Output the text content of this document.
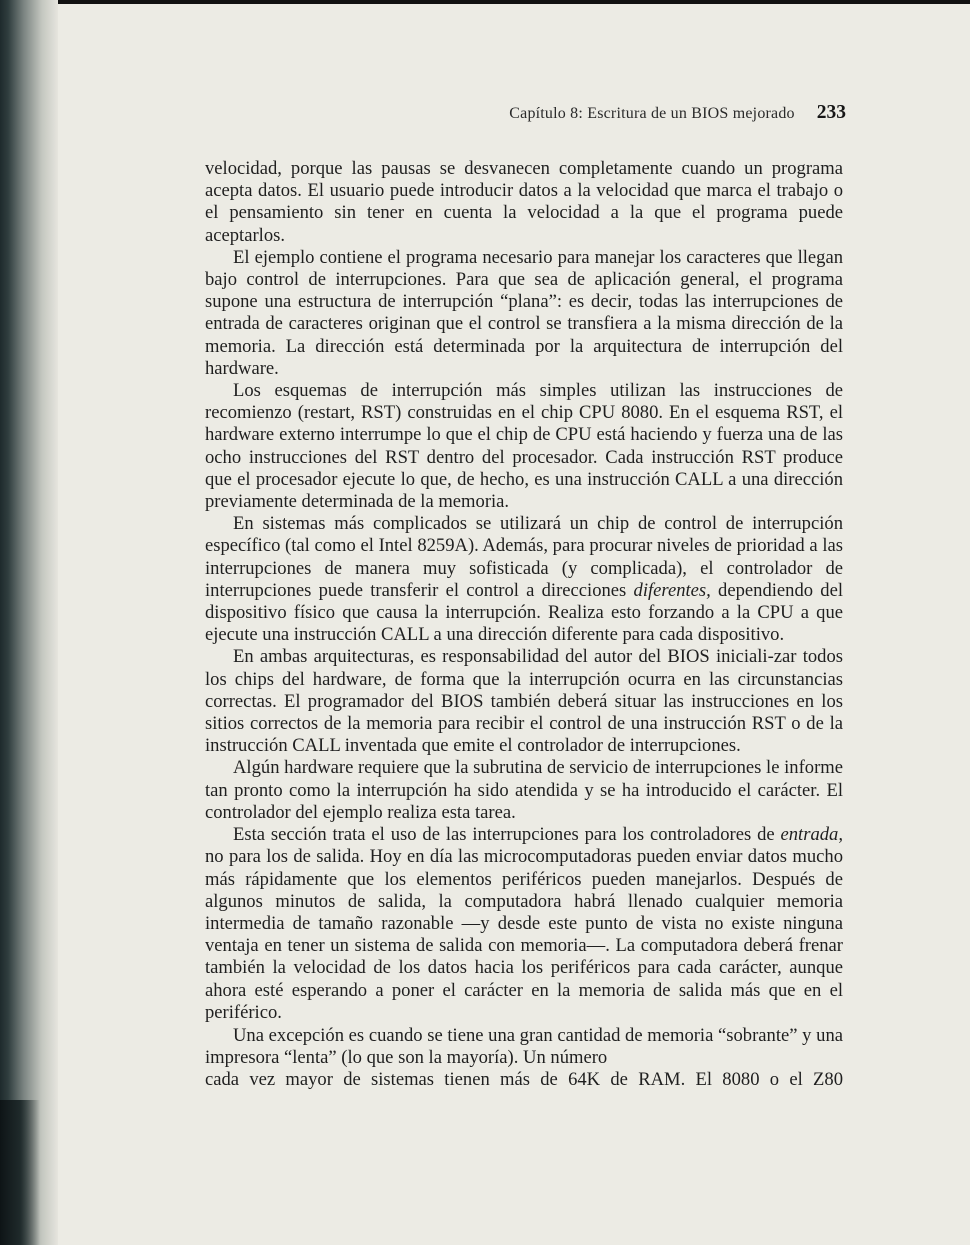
Capítulo 8: Escritura de un BIOS mejorado 233

velocidad, porque las pausas se desvanecen completamente cuando un programa acepta datos. El usuario puede introducir datos a la velocidad que marca el trabajo o el pensamiento sin tener en cuenta la velocidad a la que el programa puede aceptarlos.

El ejemplo contiene el programa necesario para manejar los caracteres que llegan bajo control de interrupciones. Para que sea de aplicación general, el programa supone una estructura de interrupción “plana”: es decir, todas las interrupciones de entrada de caracteres originan que el control se transfiera a la misma dirección de la memoria. La dirección está determinada por la arquitectura de interrupción del hardware.

Los esquemas de interrupción más simples utilizan las instrucciones de recomienzo (restart, RST) construidas en el chip CPU 8080. En el esquema RST, el hardware externo interrumpe lo que el chip de CPU está haciendo y fuerza una de las ocho instrucciones del RST dentro del procesador. Cada instrucción RST produce que el procesador ejecute lo que, de hecho, es una instrucción CALL a una dirección previamente determinada de la memoria.

En sistemas más complicados se utilizará un chip de control de interrupción específico (tal como el Intel 8259A). Además, para procurar niveles de prioridad a las interrupciones de manera muy sofisticada (y complicada), el controlador de interrupciones puede transferir el control a direcciones diferentes, dependiendo del dispositivo físico que causa la interrupción. Realiza esto forzando a la CPU a que ejecute una instrucción CALL a una dirección diferente para cada dispositivo.

En ambas arquitecturas, es responsabilidad del autor del BIOS iniciali-zar todos los chips del hardware, de forma que la interrupción ocurra en las circunstancias correctas. El programador del BIOS también deberá situar las instrucciones en los sitios correctos de la memoria para recibir el control de una instrucción RST o de la instrucción CALL inventada que emite el controlador de interrupciones.

Algún hardware requiere que la subrutina de servicio de interrupciones le informe tan pronto como la interrupción ha sido atendida y se ha introducido el carácter. El controlador del ejemplo realiza esta tarea.

Esta sección trata el uso de las interrupciones para los controladores de entrada, no para los de salida. Hoy en día las microcomputadoras pueden enviar datos mucho más rápidamente que los elementos periféricos pueden manejarlos. Después de algunos minutos de salida, la computadora habrá llenado cualquier memoria intermedia de tamaño razonable —y desde este punto de vista no existe ninguna ventaja en tener un sistema de salida con memoria—. La computadora deberá frenar también la velocidad de los datos hacia los periféricos para cada carácter, aunque ahora esté esperando a poner el carácter en la memoria de salida más que en el periférico.

Una excepción es cuando se tiene una gran cantidad de memoria “sobrante” y una impresora “lenta” (lo que son la mayoría). Un número
cada vez mayor de sistemas tienen más de 64K de RAM. El 8080 o el Z80
